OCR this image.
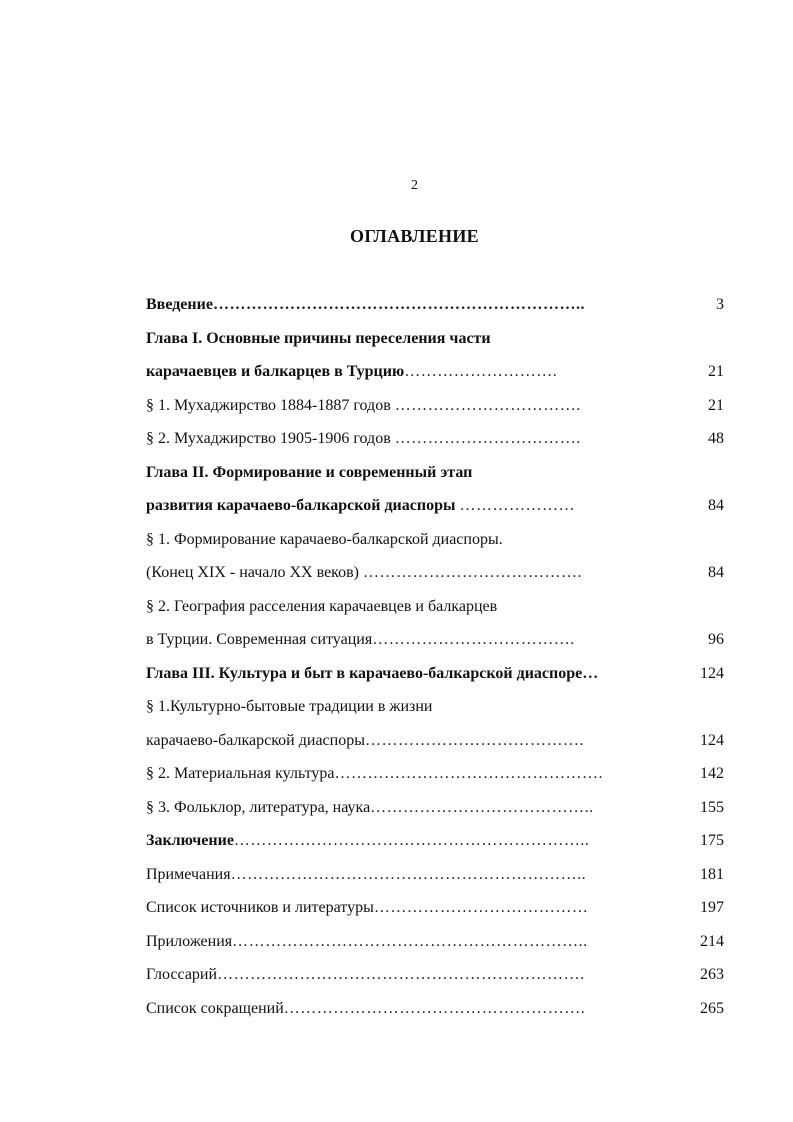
2
ОГЛАВЛЕНИЕ
Введение…………………………………………………………..	3
Глава I. Основные причины переселения части
карачаевцев и балкарцев в Турцию……………………….	21
§ 1. Мухаджирство 1884-1887 годов …………………………….	21
§ 2. Мухаджирство 1905-1906 годов …………………………….	48
Глава II. Формирование и современный этап
развития карачаево-балкарской диаспоры …………………	84
§ 1. Формирование карачаево-балкарской диаспоры.
(Конец XIX - начало XX веков) ………………………………….	84
§ 2. География расселения карачаевцев и балкарцев
в Турции. Современная ситуация……………………………….	96
Глава III. Культура и быт в карачаево-балкарской диаспоре…	124
§ 1.Культурно-бытовые традиции в жизни
карачаево-балкарской диаспоры………………………………….	124
§ 2. Материальная культура………………………………………….	142
§ 3. Фольклор, литература, наука…………………………………..	155
Заключение………………………………………………………..	175
Примечания………………………………………………………..	181
Список источников и литературы…………………………………	197
Приложения………………………………………………………..	214
Глоссарий………………………………………………………….	263
Список сокращений……………………………………………….	265
